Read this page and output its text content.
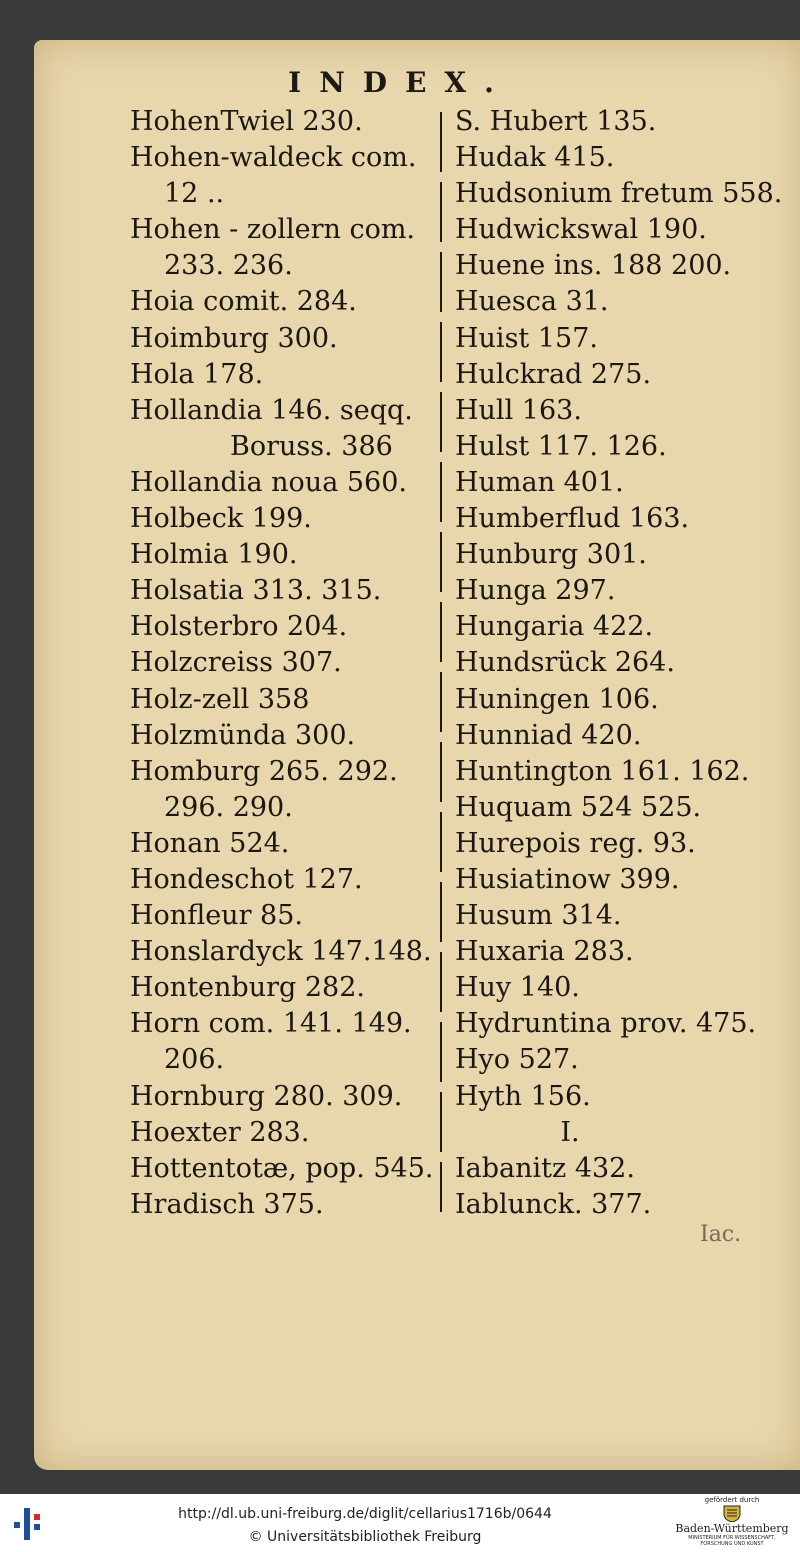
INDEX.
HohenTwiel 230.
Hohen-waldeck com.
12 ..
Hohen - zollern com.
233. 236.
Hoia comit. 284.
Hoimburg 300.
Hola 178.
Hollandia 146. seqq.
Boruss. 386
Hollandia noua 560.
Holbeck 199.
Holmia 190.
Holsatia 313. 315.
Holsterbro 204.
Holzcreiss 307.
Holz-zell 358
Holzmünda 300.
Homburg 265. 292.
296. 290.
Honan 524.
Hondeschot 127.
Honfleur 85.
Honslardyck 147.148.
Hontenburg 282.
Horn com. 141. 149.
206.
Hornburg 280. 309.
Hoexter 283.
Hottentotæ, pop. 545.
Hradisch 375.
S. Hubert 135.
Hudak 415.
Hudsonium fretum 558.
Hudwickswal 190.
Huene ins. 188 200.
Huesca 31.
Huist 157.
Hulckrad 275.
Hull 163.
Hulst 117. 126.
Human 401.
Humberflud 163.
Hunburg 301.
Hunga 297.
Hungaria 422.
Hundsrück 264.
Huningen 106.
Hunniad 420.
Huntington 161. 162.
Huquam 524 525.
Hurepois reg. 93.
Husiatinow 399.
Husum 314.
Huxaria 283.
Huy 140.
Hydruntina prov. 475.
Hyo 527.
Hyth 156.
I.
Iabanitz 432.
Iablunck. 377.
Iac.
http://dl.ub.uni-freiburg.de/diglit/cellarius1716b/0644
© Universitätsbibliothek Freiburg
gefördert durch
Baden-Württemberg
MINISTERIUM FÜR WISSENSCHAFT, FORSCHUNG UND KUNST
